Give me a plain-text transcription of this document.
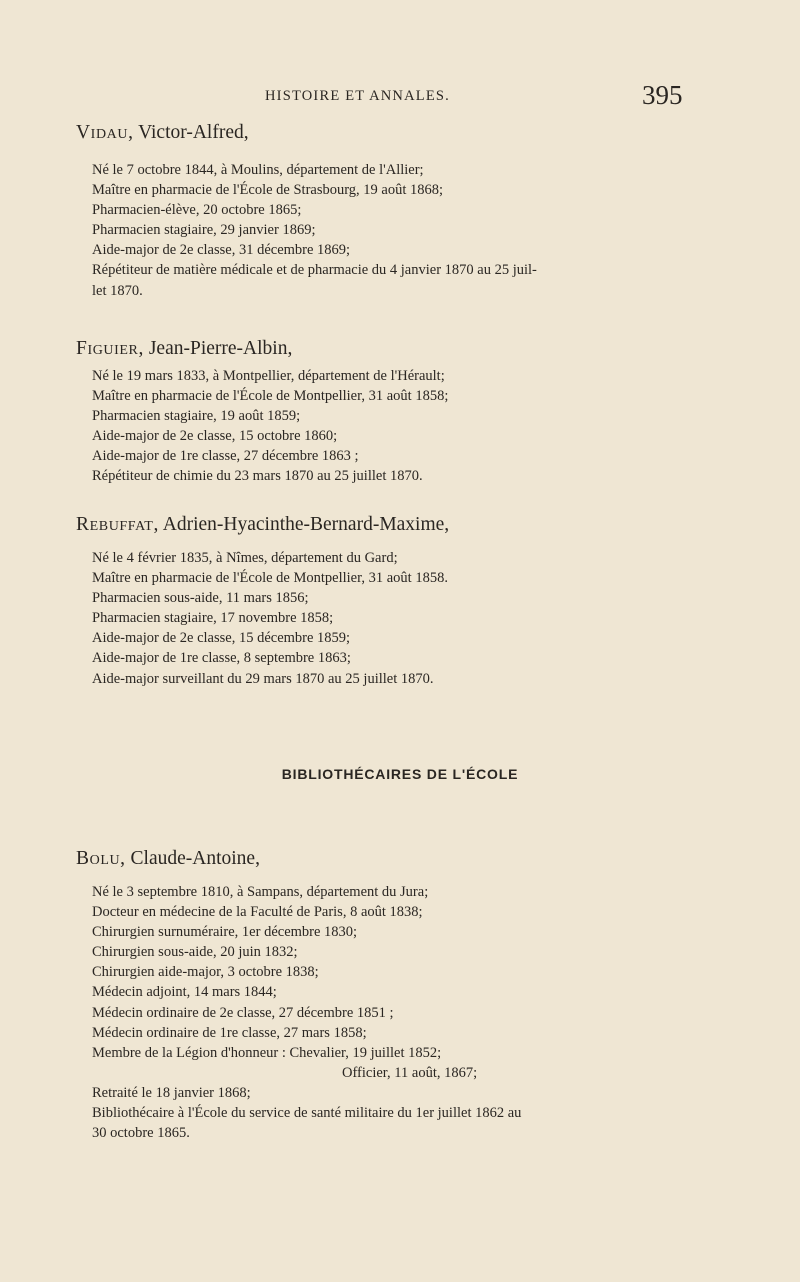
HISTOIRE ET ANNALES.	395
Vidau, Victor-Alfred,
Né le 7 octobre 1844, à Moulins, département de l'Allier;
Maître en pharmacie de l'École de Strasbourg, 19 août 1868;
Pharmacien-élève, 20 octobre 1865;
Pharmacien stagiaire, 29 janvier 1869;
Aide-major de 2e classe, 31 décembre 1869;
Répétiteur de matière médicale et de pharmacie du 4 janvier 1870 au 25 juil-
let 1870.
Figuier, Jean-Pierre-Albin,
Né le 19 mars 1833, à Montpellier, département de l'Hérault;
Maître en pharmacie de l'École de Montpellier, 31 août 1858;
Pharmacien stagiaire, 19 août 1859;
Aide-major de 2e classe, 15 octobre 1860;
Aide-major de 1re classe, 27 décembre 1863 ;
Répétiteur de chimie du 23 mars 1870 au 25 juillet 1870.
Rebuffat, Adrien-Hyacinthe-Bernard-Maxime,
Né le 4 février 1835, à Nîmes, département du Gard;
Maître en pharmacie de l'École de Montpellier, 31 août 1858.
Pharmacien sous-aide, 11 mars 1856;
Pharmacien stagiaire, 17 novembre 1858;
Aide-major de 2e classe, 15 décembre 1859;
Aide-major de 1re classe, 8 septembre 1863;
Aide-major surveillant du 29 mars 1870 au 25 juillet 1870.
BIBLIOTHÉCAIRES DE L'ÉCOLE
Bolu, Claude-Antoine,
Né le 3 septembre 1810, à Sampans, département du Jura;
Docteur en médecine de la Faculté de Paris, 8 août 1838;
Chirurgien surnuméraire, 1er décembre 1830;
Chirurgien sous-aide, 20 juin 1832;
Chirurgien aide-major, 3 octobre 1838;
Médecin adjoint, 14 mars 1844;
Médecin ordinaire de 2e classe, 27 décembre 1851 ;
Médecin ordinaire de 1re classe, 27 mars 1858;
Membre de la Légion d'honneur : Chevalier, 19 juillet 1852;
Officier, 11 août, 1867;
Retraité le 18 janvier 1868;
Bibliothécaire à l'École du service de santé militaire du 1er juillet 1862 au
30 octobre 1865.
